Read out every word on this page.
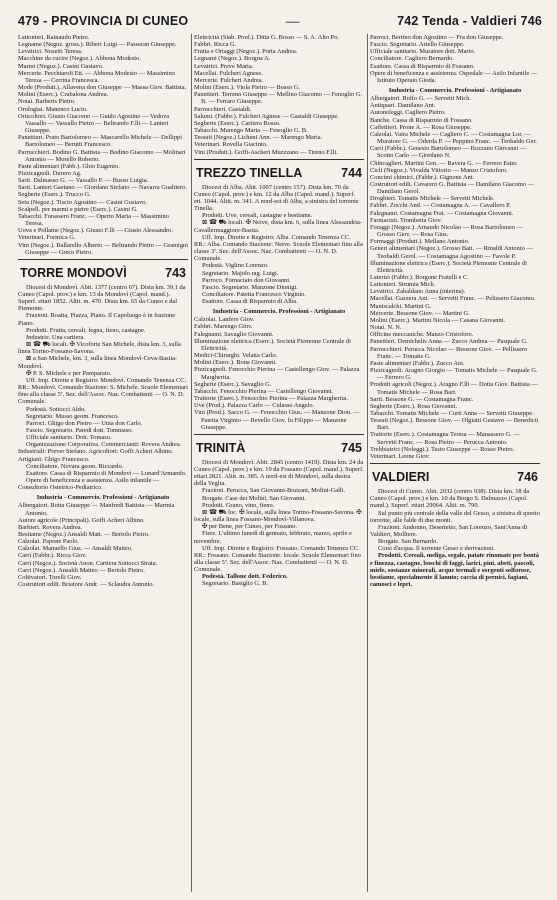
479 - PROVINCIA DI CUNEO	—	742 Tenda - Valdieri 746

Lattonieri. Rainaudo Pietro.

Legname (Negoz. gross.). Riberi Luigi — Passeran Giuseppe.

Levatrici. Nosetti Teresa.

Macchine da cucire (Negoz.). Abbona Modesto.

Marmi (Negoz.). Casini Gustavo.

Mercerie. Pecchiaroli Ett. — Abbona Modesto — Massimino Teresa — Cerrina Francesca.

Mode (Produtt.). Allavena don Giuseppe — Massa Giov. Battista.

Molini (Eserc.). Crabalona Andrea.

Notai. Barberis Pietro.

Orologiai. Manenco Lucio.

Orticoltori. Giusto Giacomo — Guido Agostino — Vedova Vassallo — Vassallo Pietro — Beltrando F.lli — Lanteri Giuseppe.

Panettieri. Prato Bartolomeo — Mascarello Michele — Dellippi Bartolomeo — Berutti Francesco.

Parrucchieri. Bodino G. Battista — Bodino Giacomo — Molinari Antonio — Morello Roberto.

Paste alimentari (Fabb.). Ghio Eugenio.

Pizzicagnoli. Durero Ag.

Sarti. Dalmasso G. — Vassallo P. — Busso Luigia.

Sarti. Lanteri Gaetano — Giordano Stefano — Navarra Gualtiero.

Segherie (Eserc.). Trucco G.

Seta (Negoz.). Tiscio Agostino — Casini Gustavo.

Scalpell. per marmi e pietre (Eserc.). Casini G.

Tabacchi. Forassero Franc. — Operto Maria — Massimino Teresa.

Uova e Pollame (Negoz.). Giusto F.lli — Giusto Alessandro.

Veterinari. Formica G.

Vini (Negoz.). Ballarello Alberto — Beltrando Pietro — Gramigni Giuseppe — Greco Pietro.

TORRE MONDOVÌ	743

Diocesi di Mondovì. Abit. 1377 (centro 67). Dista km. 39,1 da Cuneo (Capol. prov.) e km. 13 da Mondovì (Capol. mand.). Superf. ettari 1852. Altit. m. 470. Dista km. 65 da Cuneo e dal Piemonte.

Frazioni. Roatta, Piazza, Piano. Il Capoluogo è in frazione Piano.

Prodotti. Frutta, cereali, legna, fieno, castagne.

Industrie. Una cartiera.

⊠ ☎ ⛟ locali. ✠ Vicoforte San Michele, dista km. 3, sulla linea Torino-Fossano-Savona.

⊠ a San Michele, km. 3, sulla linea Mondovì-Ceva-Bastia-Mondovì.

✠ P. S. Michele e per Pamparato.

Uff. Imp. Dirette e Registro: Mondovì. Comando Tenenza CC. RR.: Mondovì. Comando Stazione: S. Michele. Scuole Elementari fino alla classe 5ª. Sez. dell'Assoc. Naz. Combattenti — O. N. D. Comunale.

Podestà. Sottocci Aldo.

Segretario. Musso geom. Francesco.

Parroci. Ghigo don Pietro — Unia don Carlo.

Fascio. Segretario. Paredi dott. Tommaso.

Ufficiale sanitario. Dott. Tomaso.

Organizzazione Corporativa. Commercianti: Rovera Andrea. Industriali: Prever Stefano. Agricoltori: Goffi Acheri Albino. Artigiani: Ghigo Francesco.

Conciliatore. Novara geom. Riccardo.

Esattore. Cassa di Risparmio di Mondovì — Lunard'Armando.

Opere di beneficenza e assistenza. Asilo infantile — Consultorio Ostetrico-Pediatrico.

Industria - Commercio. Professioni - Artigianato

Albergatori. Rotta Giuseppe — Manfredi Battista — Marmia Antonio.

Autore agricole (Principali). Goffi Acheri Albino.

Barbieri. Rovera Andrea.

Bestiame (Negoz.) Ansaldi Matt. — Bertolo Pietro.

Calzolai. Papone Paolo.

Calzolai. Manuello Gius. — Ansaldi Matteo.

Carri (Fabbr.). Ricca Giov.

Carri (Negoz.). Società Anon. Cartiera Sottocci Strata.

Carri (Negoz.). Ansaldi Matteo — Bertolo Pietro.

Coltivatori. Torelli Giov.

Costruttori edili. Briatore Andr. — Sclaudra Antonio.

Elettricità (Stab. Prod.). Ditta G. Bosso — S. A. Alto Po.

Fabbri. Ricca G.

Frutta e Ortaggi (Negoz.). Porta Andrea.

Legnami (Negoz.). Borgna A.

Levatrici. Preve Maria.

Macellai. Fulcheri Agnese.

Mercerie. Fulcheri Andrea.

Molini (Eserc.). Viola Pietro — Bosso G.

Panettieri. Terreno Giuseppe — Mellino Giacomo — Fenoglio G. B. — Ferraro Giuseppe.

Parrucchieri. Gastaldi.

Salumi. (Fabbr.). Fulcheri Agnese — Gastaldi Giuseppe.

Segherie (Eserc.). Cartiera Bosso.

Tabacchi. Marengo Maria — Fenoglio G. B.

Tessuti (Negoz.) Licheni Ann. — Marengo Maria.

Veterinari. Rovella Giacinto.

Vini (Produtt.). Goffi-Ascheri Muzzzano — Tireno F.lli.

TREZZO TINELLA	744

Diocesi di Alba. Abit. 1007 (centro 157). Dista km. 70 da Cuneo (Capol. prov.) e km. 12 da Alba (Capol. mand.). Superf. ett. 1044. Altit. m. 341. A nord-est di Alba, a sinistra del torrente Tinella.

Prodotti. Uve, cereali, castagne e bestiame.

⊠ ☎ ⛟ locali. ✠ Neive, dista km. 6, sulla linea Alessandria-Cavallermaggiore-Bastia.

Uff. Imp. Dirette e Registro: Alba. Comando Tenenza CC. RR.: Alba. Comando Stazione: Neive. Scuole Elementari fino alla classe 3ª. Sez. dell'Assoc. Naz. Combattenti — O. N. D. Comunale.

Podestà. Viglino Lorenzo.

Segretario. Majolo rag. Luigi.

Parroco. Fornaciaio don Giovanni.

Fascio. Segretario. Manzone Dionigi.

Conciliatore. Patetta Francesco Virginio.

Esattore. Cassa di Risparmio di Alba.

Industria - Commercio. Professioni - Artigianato

Calzolai. Lanfero Giov.

Fabbri. Marengo Giov.

Falegnami. Savaglio Giovanni.

Illuminazione elettrica (Eserc.). Società Piemonte Centrale di Elettricità.

Medici-Chirurghi. Velatta Carlo.

Molini (Eserc.). Bona Giovanni.

Pizzicagnoli. Fenocchio Pierina — Castellengo Giov. — Palazza Margherita.

Segherie (Eserc.). Savaglio G.

Tabacchi. Fenocchio Pierina — Castellengo Giovanni.

Trattorie (Eserc.). Fenocchio Pierina — Palazza Margherita.

Uve (Prod.). Palazza Carlo — Culasso Angelo.

Vini (Prod.). Sacco G. — Fenocchio Gius. — Manzone Dion. — Patetta Virginio — Revello Giov. fu Filippo — Manzone Giuseppe.

TRINITÀ	745

Diocesi di Mondovì. Abit. 2845 (centro 1419). Dista km. 24 da Cuneo (Capol. prov.) e km. 19 da Fossano (Capol. mand.). Superf. ettari 2821. Altit. m. 385. A nord-est di Mondovì, sulla destra della Veglia.

Frazioni. Perucca, San Giovanni-Bozzani, Molini-Galli.

Borgate. Case dei Molini, San Giovanni.

Prodotti. Grano, vino, fieno.

⊠ ☎ ⛟ loc. ✠ locale, sulla linea Torino-Fossano-Savona. ✠ locale, sulla linea Fossano-Mondovì-Villanova.

✠ per Bene, per Cuneo, per Fossano.

Fiere. L'ultimo lunedì di gennaio, febbraio, marzo, aprile e novembre.

Uff. Imp. Dirette e Registro: Fossano. Comando Tenenza CC. RR.: Fossano. Comando Stazione: locale. Scuole Elementari fino alla classe 5ª. Sez. dell'Assoc. Naz. Combattenti — O. N. D. Comunale.

Podestà. Tallone dott. Federico.

Segretario. Basiglio G. B.

Parroci. Bertino don Agostino — Fra don Giuseppe.

Fascio. Segretario. Ariello Giuseppe.

Ufficiale sanitario. Muratore dott. Mario.

Conciliatore. Cagliero Bernardo.

Esattore. Cassa di Risparmio di Fossano.

Opere di beneficenza e assistenza. Ospedale — Asilo Infantile — Istituto Operaio Gioda.

Industria - Commercio. Professioni - Artigianato

Albergatori. Rolfo G. — Servetti Mich.

Antiquari. Damilano Ant.

Autonoleggi. Cagliero Pietro.

Banche. Cassa di Risparmio di Fossano.

Caffettieri. Prone A. — Rosa Giuseppe.

Calzolai. Vaira Michele — Cagliero C. — Costamagna Lor. — Muratore G. — Oderda P. — Peppino Franc. — Teobaldo Ger.

Carri (Fabbr.). Genesio Bartolomeo — Bozzano Giovanni — Scotto Carlo — Giordano N.

Chincaglieri. Martini Gen. — Ravera G. — Ferrero Ester.

Cicli (Negoz.). Vivalda Vittorio — Manzo Cristoforo.

Concimi chimici. (Fabbr.). Gignone Ant.

Costruttori edili. Cavarero G. Battista — Damilano Giacomo — Damilano Gerol.

Droghieri. Tomatis Michele — Servetti Michele.

Fabbri. Zocchi And. — Costamagna A. — Cavallero P.

Falegnami. Costamagna Frat. — Costamagna Giovanni.

Farmacisti. Trombetta Giov.

Foraggi (Negoz.). Arnaudo Nicolao — Rosa Bartolomeo — Grosso Giov. — Rosa Gius.

Formaggi (Produtt.). Mellano Antonio.

Generi alimentari (Negoz.). Grosso Batt. — Rinaldi Antonio — Teobaldi Gerol. — Costamagna Agostino — Favole P.

Illuminazione elettrica (Eserc.). Società Piemonte Centrale di Elettricità.

Laterizi (Fabbr.). Borgone Fratelli e C.

Lattonieri. Strumia Mich.

Levatrici. Zabaldano Anna (interina).

Macellai. Gazzera Ant. — Servetti Franc. — Pelissero Giacomo.

Maniscalchi. Martini G.

Mercerie. Bessone Giov. — Martini G.

Molini (Eserc.). Martini Nicola — Casana Giovanni.

Notai. N. N.

Officine meccaniche. Manzo Cristoforo.

Panettieri. Demichelis Anna — Zucco Andrea — Pasquale G.

Parrucchieri. Perucca Nicolao — Bessone Giov. — Pellissero Franc. — Tomatis G.

Paste alimentari (Fabbr.). Zucco Ant.

Pizzicagnoli. Aragno Giorgio — Tomatis Michele — Pasquale G. — Ferrero G.

Prodotti agricoli (Negoz.). Aragno F.lli — Dotta Giov. Battista — Tomatis Michele — Rosa Bart.

Sarti. Bessone G. — Costamagna Franc.

Segherie (Eserc.). Rosa Giovanni.

Tabacchi. Tomatis Michele — Curti Anna — Servetti Giuseppe.

Tessuti (Negoz.). Bessone Giov. — Olgiatti Gustavo — Benedicti Bart.

Trattorie (Eserc.). Costamagna Teresa — Manassero G. — Servetti Franc. — Rosa Pietro — Perucca Antonio.

Trebbiatrici (Noleggi.). Testo Giuseppe — Rosso Pietro.

Veterinari. Leone Giov.

VALDIERI	746

Diocesi di Cuneo. Abit. 2032 (centro 938). Dista km. 18 da Cuneo (Capol. prov.) e km. 10 da Borgo S. Dalmazzo (Capol. mand.). Superf. ettari 29064. Altit. m. 790.

Sul punto più centrale della valle del Gesso, a sinistra di questo torrente, alle falde di due monti.

Frazioni. Andonno, Desertetto, San Lorenzo, Sant'Anna di Valdieri, Molliere.

Borgate. San Bernardo.

Corsi d'acqua. Il torrente Gesso e derivazioni.

Prodotti. Cereali, meliga, segale, patate rinomate per bontà e finezza, castagne, boschi di faggi, larici, pini, abeti, pascoli, miele, sostanze minerali, acque termali e sorgenti solforose, bestiame, specialmente il lanuto; caccia di pernici, fagiani, camosci e lepri.
